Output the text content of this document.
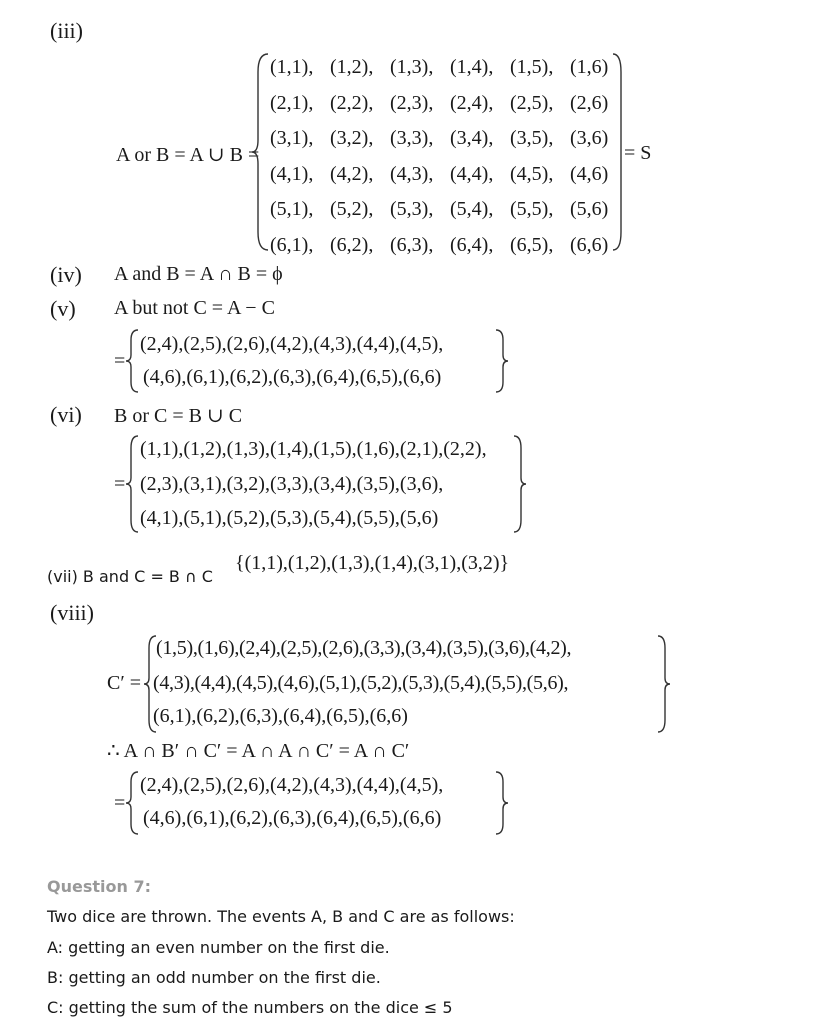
(iii)
A or B = A ∪ B =
(1,1), (1,2), (1,3), (1,4), (1,5), (1,6)
(2,1), (2,2), (2,3), (2,4), (2,5), (2,6)
(3,1), (3,2), (3,3), (3,4), (3,5), (3,6)
(4,1), (4,2), (4,3), (4,4), (4,5), (4,6)
(5,1), (5,2), (5,3), (5,4), (5,5), (5,6)
(6,1), (6,2), (6,3), (6,4), (6,5), (6,6)
= S
(iv) A and B = A ∩ B = ϕ
(v) A but not C = A − C
=
(2,4),(2,5),(2,6),(4,2),(4,3),(4,4),(4,5),
(4,6),(6,1),(6,2),(6,3),(6,4),(6,5),(6,6)
(vi) B or C = B ∪ C
=
(1,1),(1,2),(1,3),(1,4),(1,5),(1,6),(2,1),(2,2),
(2,3),(3,1),(3,2),(3,3),(3,4),(3,5),(3,6),
(4,1),(5,1),(5,2),(5,3),(5,4),(5,5),(5,6)
(vii) B and C = B ∩ C
{(1,1),(1,2),(1,3),(1,4),(3,1),(3,2)}
(viii)
C′ =
(1,5),(1,6),(2,4),(2,5),(2,6),(3,3),(3,4),(3,5),(3,6),(4,2),
(4,3),(4,4),(4,5),(4,6),(5,1),(5,2),(5,3),(5,4),(5,5),(5,6),
(6,1),(6,2),(6,3),(6,4),(6,5),(6,6)
∴ A ∩ B′ ∩ C′ = A ∩ A ∩ C′ = A ∩ C′
=
(2,4),(2,5),(2,6),(4,2),(4,3),(4,4),(4,5),
(4,6),(6,1),(6,2),(6,3),(6,4),(6,5),(6,6)
Question 7:
Two dice are thrown. The events A, B and C are as follows:
A: getting an even number on the first die.
B: getting an odd number on the first die.
C: getting the sum of the numbers on the dice ≤ 5
